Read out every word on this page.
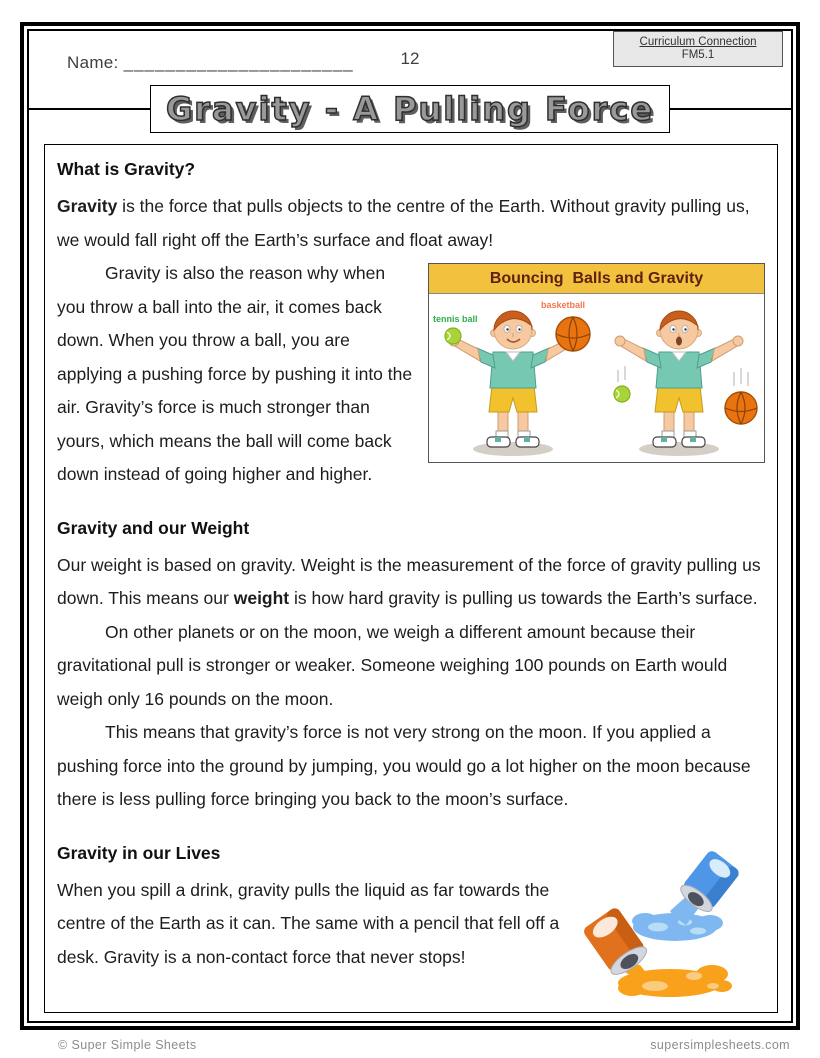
Name: ______________________	12
Curriculum Connection
FM5.1
Gravity - A Pulling Force
What is Gravity?

Gravity is the force that pulls objects to the centre of the Earth. Without gravity pulling us, we would fall right off the Earth’s surface and float away!

Bouncing  Balls and Gravity
tennis ball
basketball

Gravity is also the reason why when you throw a ball into the air, it comes back down. When you throw a ball, you are applying a pushing force by pushing it into the air. Gravity’s force is much stronger than yours, which means the ball will come back down instead of going higher and higher.

Gravity and our Weight

Our weight is based on gravity. Weight is the measurement of the force of gravity pulling us down. This means our weight is how hard gravity is pulling us towards the Earth’s surface.

On other planets or on the moon, we weigh a different amount because their gravitational pull is stronger or weaker. Someone weighing 100 pounds on Earth would weigh only 16 pounds on the moon.

This means that gravity’s force is not very strong on the moon. If you applied a pushing force into the ground by jumping, you would go a lot higher on the moon because there is less pulling force bringing you back to the moon’s surface.

Gravity in our Lives

When you spill a drink, gravity pulls the liquid as far towards the centre of the Earth as it can. The same with a pencil that fell off a desk. Gravity is a non-contact force that never stops!

© Super Simple Sheets	supersimplesheets.com
